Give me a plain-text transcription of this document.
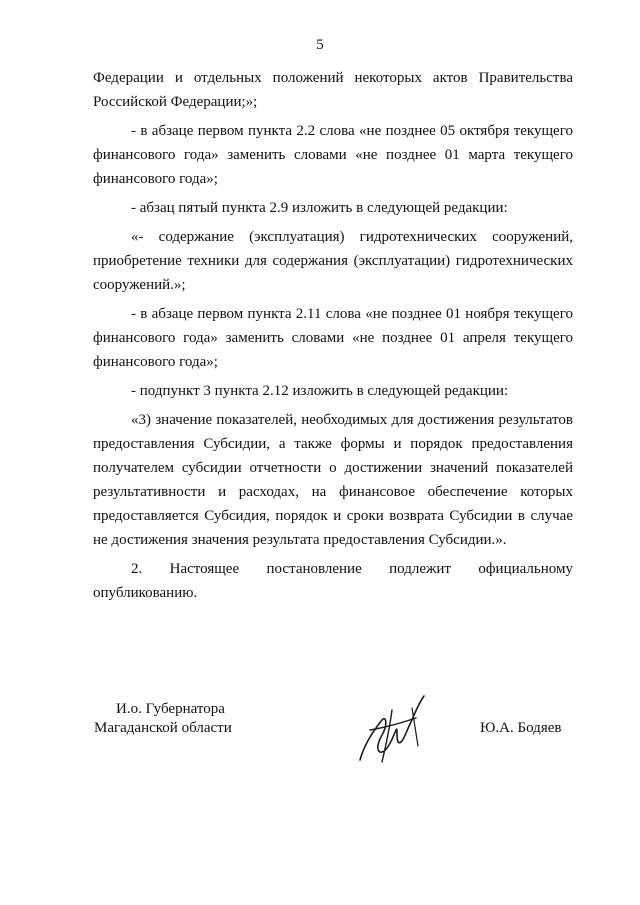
5

Федерации и отдельных положений некоторых актов Правительства Российской Федерации;»;

- в абзаце первом пункта 2.2 слова «не позднее 05 октября текущего финансового года» заменить словами «не позднее 01 марта текущего финансового года»;

- абзац пятый пункта 2.9 изложить в следующей редакции:

«- содержание (эксплуатация) гидротехнических сооружений, приобретение техники для содержания (эксплуатации) гидротехнических сооружений.»;

- в абзаце первом пункта 2.11 слова «не позднее 01 ноября текущего финансового года» заменить словами «не позднее 01 апреля текущего финансового года»;

- подпункт 3 пункта 2.12 изложить в следующей редакции:

«3) значение показателей, необходимых для достижения результатов предоставления Субсидии, а также формы и порядок предоставления получателем субсидии отчетности о достижении значений показателей результативности и расходах, на финансовое обеспечение которых предоставляется Субсидия, порядок и сроки возврата Субсидии в случае не достижения значения результата предоставления Субсидии.».

2. Настоящее постановление подлежит официальному опубликованию.

И.о. Губернатора
Магаданской области	Ю.А. Бодяев
